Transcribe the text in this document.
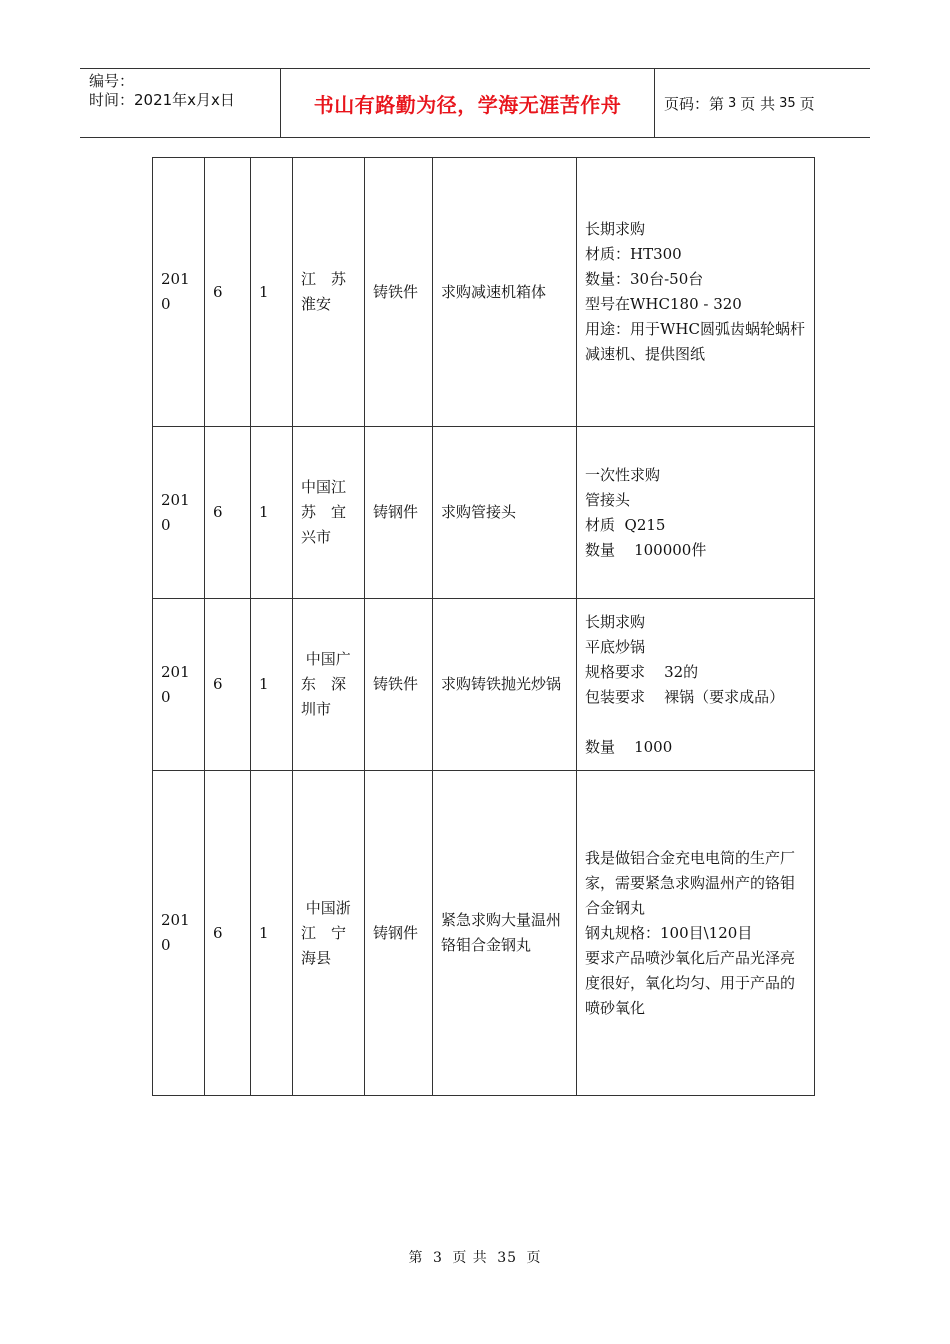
编号：
时间：2021年x月x日	书山有路勤为径，学海无涯苦作舟	页码：第 3 页 共 35 页
2010	6	1	江　苏
淮安	铸铁件	求购减速机箱体	长期求购
材质：HT300
数量：30台-50台
型号在WHC180 - 320
用途：用于WHC圆弧齿蜗轮蜗杆减速机、提供图纸

2010	6	1	中国江
苏　宜
兴市	铸钢件	求购管接头	一次性求购
管接头
材质  Q215
数量    100000件

2010	6	1	中国广
东　深
圳市	铸铁件	求购铸铁抛光炒锅	长期求购
平底炒锅
规格要求    32的
包装要求    裸锅（要求成品）

数量    1000

2010	6	1	中国浙
江　宁
海县	铸钢件	紧急求购大量温州铬钼合金钢丸	我是做铝合金充电电筒的生产厂家，需要紧急求购温州产的铬钼合金钢丸
钢丸规格：100目\120目
要求产品喷沙氧化后产品光泽亮度很好，氧化均匀、用于产品的喷砂氧化
第 3 页 共 35 页
